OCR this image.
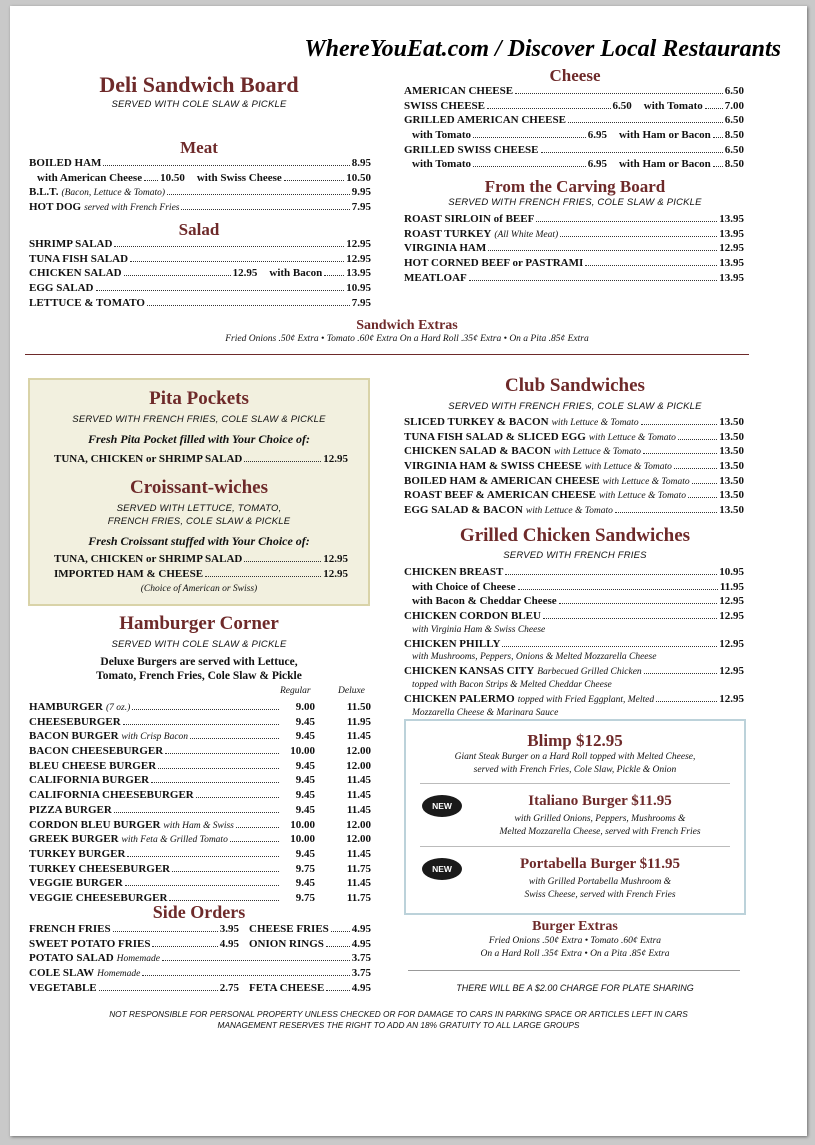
WhereYouEat.com / Discover Local Restaurants
Deli Sandwich Board
SERVED WITH COLE SLAW & PICKLE
Meat
BOILED HAM	8.95
with American Cheese 10.50 with Swiss Cheese	10.50
B.L.T. (Bacon, Lettuce & Tomato)	9.95
HOT DOG served with French Fries	7.95
Salad
SHRIMP SALAD	12.95
TUNA FISH SALAD	12.95
CHICKEN SALAD	12.95 with Bacon 13.95
EGG SALAD	10.95
LETTUCE & TOMATO	7.95
Cheese
AMERICAN CHEESE	6.50
SWISS CHEESE	6.50 with Tomato 7.00
GRILLED AMERICAN CHEESE	6.50
with Tomato	6.95 with Ham or Bacon 8.50
GRILLED SWISS CHEESE	6.50
with Tomato	6.95 with Ham or Bacon 8.50
From the Carving Board
SERVED WITH FRENCH FRIES, COLE SLAW & PICKLE
ROAST SIRLOIN of BEEF	13.95
ROAST TURKEY (All White Meat)	13.95
VIRGINIA HAM	12.95
HOT CORNED BEEF or PASTRAMI	13.95
MEATLOAF	13.95
Sandwich Extras
Fried Onions .50¢ Extra • Tomato .60¢ Extra On a Hard Roll .35¢ Extra • On a Pita .85¢ Extra
Pita Pockets
SERVED WITH FRENCH FRIES, COLE SLAW & PICKLE
Fresh Pita Pocket filled with Your Choice of:
TUNA, CHICKEN or SHRIMP SALAD	12.95
Croissant-wiches
SERVED WITH LETTUCE, TOMATO,
FRENCH FRIES, COLE SLAW & PICKLE
Fresh Croissant stuffed with Your Choice of:
TUNA, CHICKEN or SHRIMP SALAD	12.95
IMPORTED HAM & CHEESE	12.95
(Choice of American or Swiss)
Hamburger Corner
SERVED WITH COLE SLAW & PICKLE
Deluxe Burgers are served with Lettuce,
Tomato, French Fries, Cole Slaw & Pickle
Regular	Deluxe
HAMBURGER (7 oz.)	9.00	11.50
CHEESEBURGER	9.45	11.95
BACON BURGER with Crisp Bacon	9.45	11.45
BACON CHEESEBURGER	10.00	12.00
BLEU CHEESE BURGER	9.45	12.00
CALIFORNIA BURGER	9.45	11.45
CALIFORNIA CHEESEBURGER	9.45	11.45
PIZZA BURGER	9.45	11.45
CORDON BLEU BURGER with Ham & Swiss	10.00	12.00
GREEK BURGER with Feta & Grilled Tomato	10.00	12.00
TURKEY BURGER	9.45	11.45
TURKEY CHEESEBURGER	9.75	11.75
VEGGIE BURGER	9.45	11.45
VEGGIE CHEESEBURGER	9.75	11.75
Side Orders
FRENCH FRIES	3.95 CHEESE FRIES 4.95
SWEET POTATO FRIES	4.95 ONION RINGS	4.95
POTATO SALAD Homemade	3.75
COLE SLAW Homemade	3.75
VEGETABLE	2.75 FETA CHEESE 4.95
Club Sandwiches
SERVED WITH FRENCH FRIES, COLE SLAW & PICKLE
SLICED TURKEY & BACON with Lettuce & Tomato	13.50
TUNA FISH SALAD & SLICED EGG with Lettuce & Tomato	13.50
CHICKEN SALAD & BACON with Lettuce & Tomato	13.50
VIRGINIA HAM & SWISS CHEESE with Lettuce & Tomato	13.50
BOILED HAM & AMERICAN CHEESE with Lettuce & Tomato	13.50
ROAST BEEF & AMERICAN CHEESE with Lettuce & Tomato	13.50
EGG SALAD & BACON with Lettuce & Tomato	13.50
Grilled Chicken Sandwiches
SERVED WITH FRENCH FRIES
CHICKEN BREAST	10.95
with Choice of Cheese	11.95
with Bacon & Cheddar Cheese	12.95
CHICKEN CORDON BLEU	12.95
with Virginia Ham & Swiss Cheese
CHICKEN PHILLY	12.95
with Mushrooms, Peppers, Onions & Melted Mozzarella Cheese
CHICKEN KANSAS CITY Barbecued Grilled Chicken	12.95
topped with Bacon Strips & Melted Cheddar Cheese
CHICKEN PALERMO topped with Fried Eggplant, Melted	12.95
Mozzarella Cheese & Marinara Sauce
Blimp $12.95
Giant Steak Burger on a Hard Roll topped with Melted Cheese,
served with French Fries, Cole Slaw, Pickle & Onion
NEW	Italiano Burger $11.95
with Grilled Onions, Peppers, Mushrooms &
Melted Mozzarella Cheese, served with French Fries
NEW	Portabella Burger $11.95
with Grilled Portabella Mushroom &
Swiss Cheese, served with French Fries
Burger Extras
Fried Onions .50¢ Extra • Tomato .60¢ Extra
On a Hard Roll .35¢ Extra • On a Pita .85¢ Extra
THERE WILL BE A $2.00 CHARGE FOR PLATE SHARING
NOT RESPONSIBLE FOR PERSONAL PROPERTY UNLESS CHECKED OR FOR DAMAGE TO CARS IN PARKING SPACE OR ARTICLES LEFT IN CARS
MANAGEMENT RESERVES THE RIGHT TO ADD AN 18% GRATUITY TO ALL LARGE GROUPS
